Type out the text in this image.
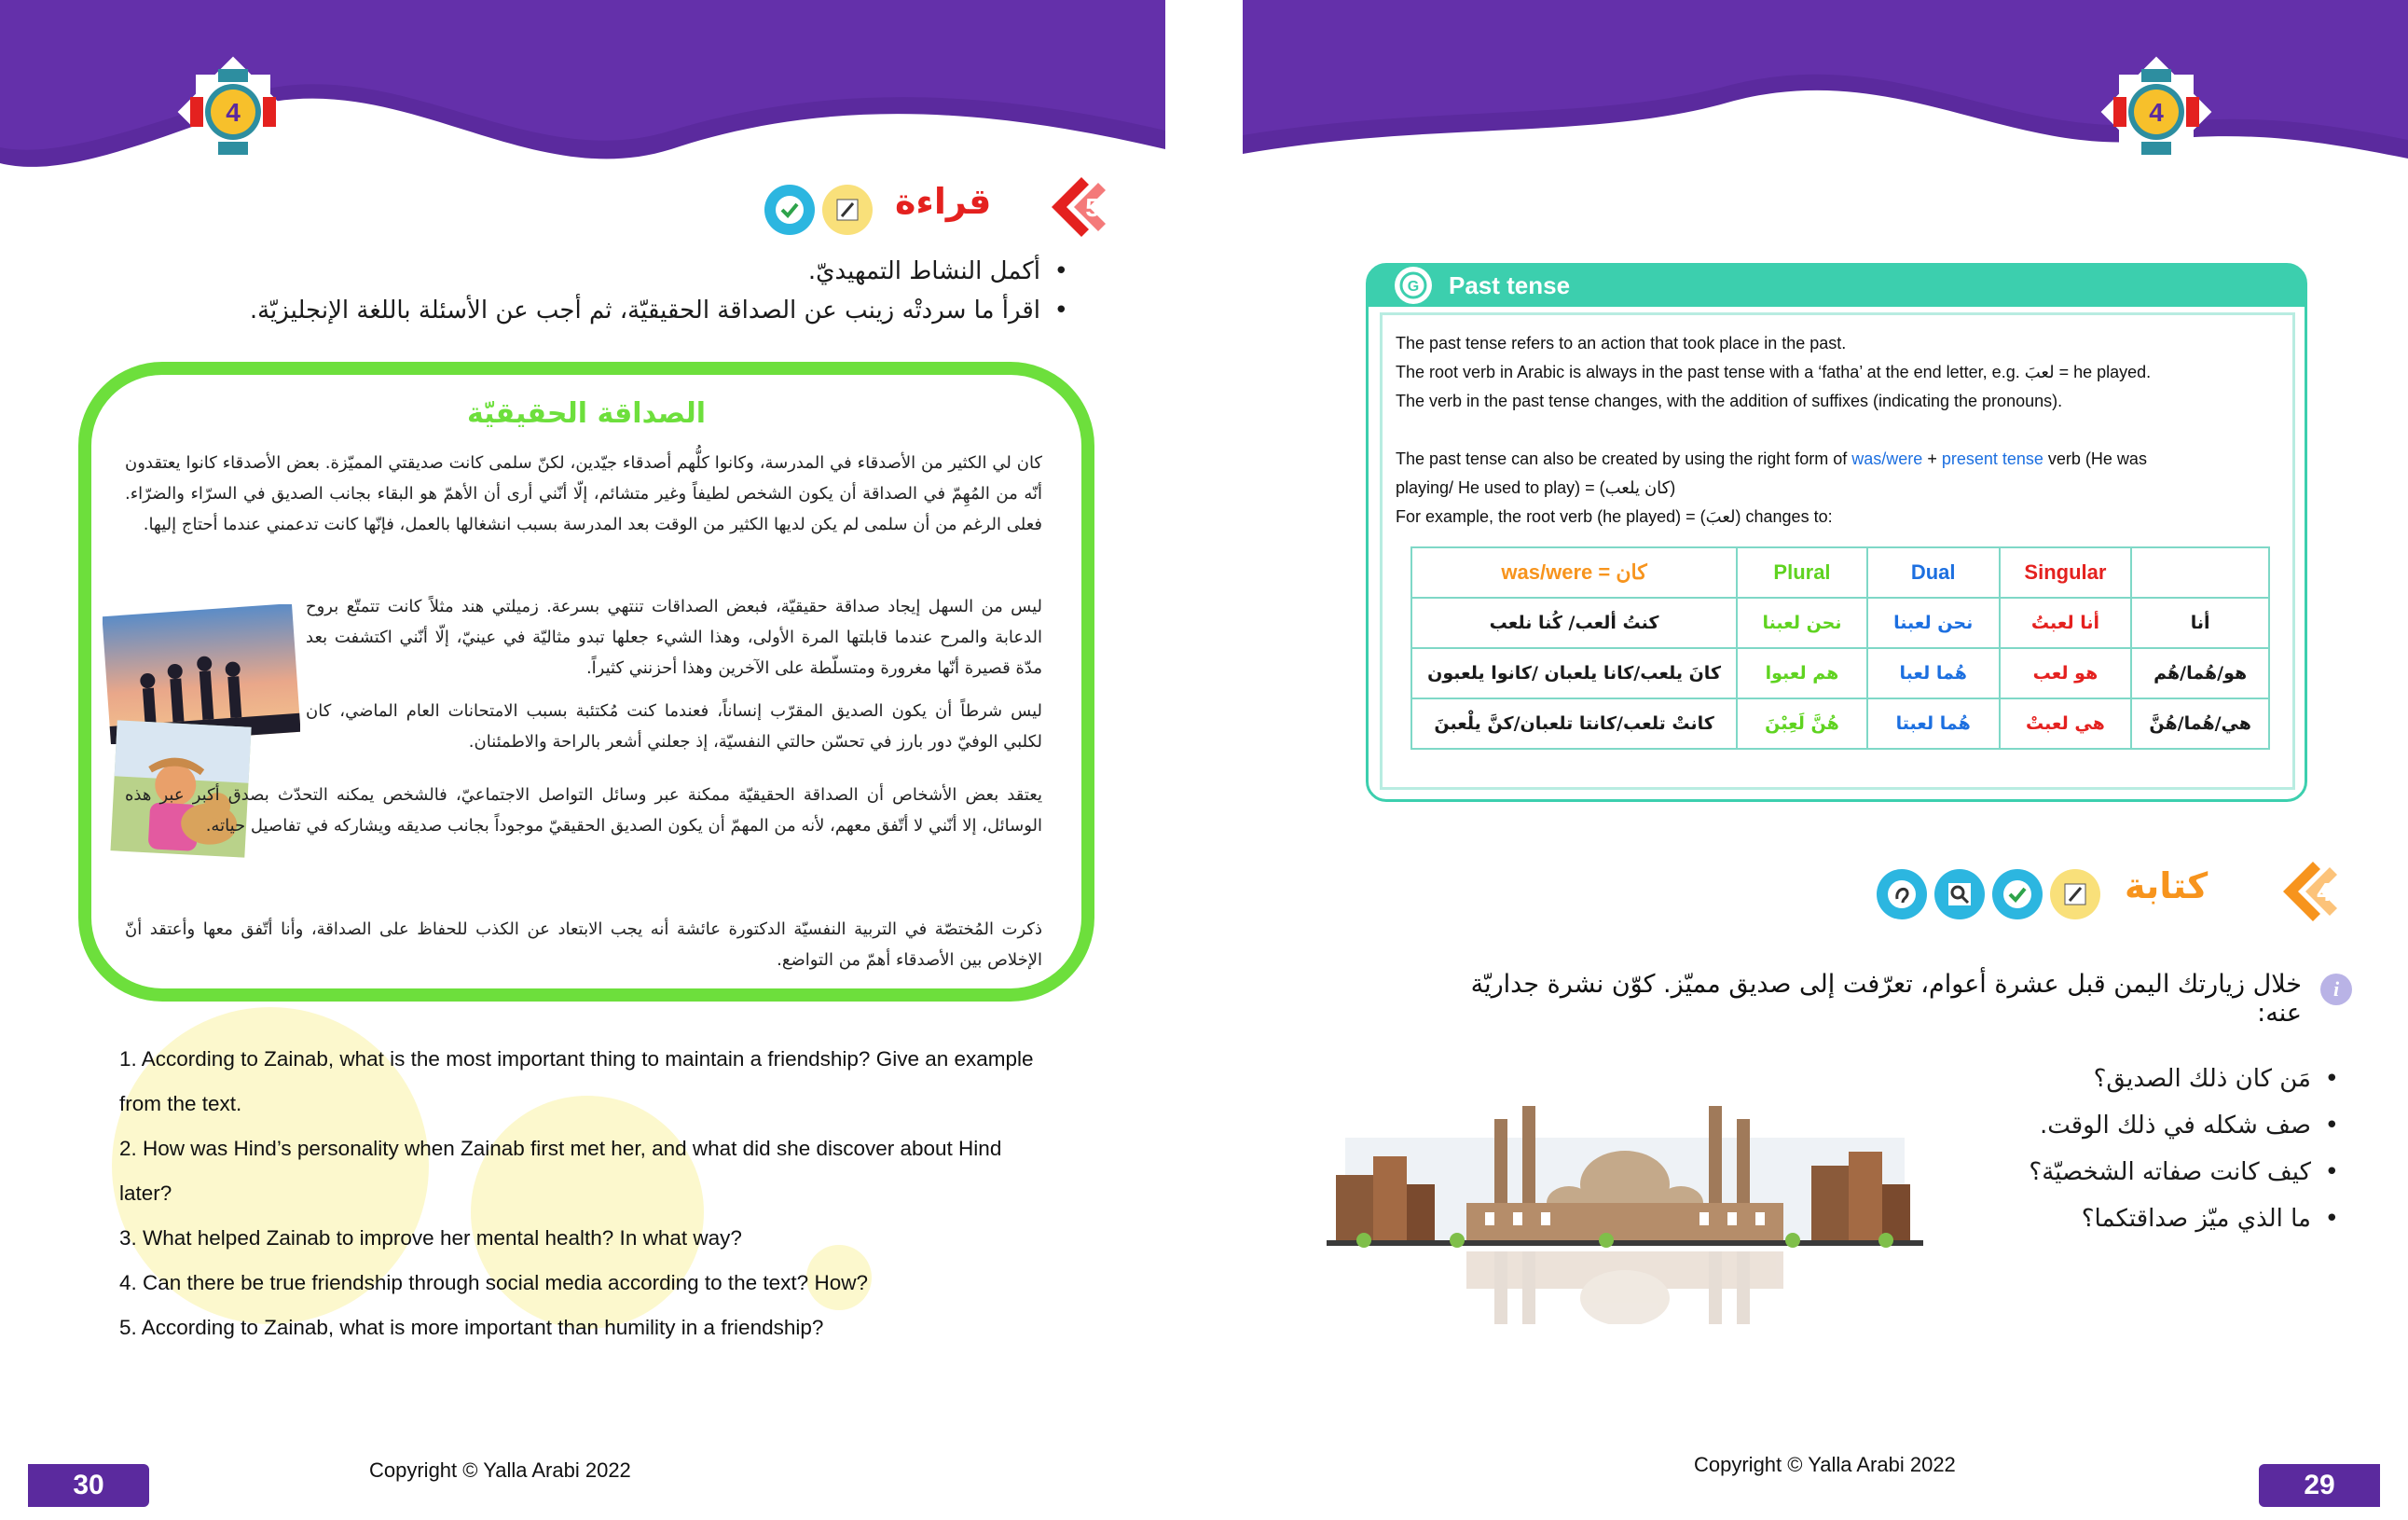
4
قراءة	5
• أكمل النشاط التمهيديّ.
• اقرأ ما سردتْه زينب عن الصداقة الحقيقيّة، ثم أجب عن الأسئلة باللغة الإنجليزيّة.
الصداقة الحقيقيّة
كان لي الكثير من الأصدقاء في المدرسة، وكانوا كلُّهم أصدقاء جيّدين، لكنّ سلمى كانت صديقتي المميّزة. بعض الأصدقاء كانوا يعتقدون أنّه من المُهِمّ في الصداقة أن يكون الشخص لطيفاً وغير متشائم، إلّا أنّني أرى أن الأهمّ هو البقاء بجانب الصديق في السرّاء والضرّاء. فعلى الرغم من أن سلمى لم يكن لديها الكثير من الوقت بعد المدرسة بسبب انشغالها بالعمل، فإنّها كانت تدعمني عندما أحتاج إليها.
ليس من السهل إيجاد صداقة حقيقيّة، فبعض الصداقات تنتهي بسرعة. زميلتي هند مثلاً كانت تتمتّع بروح الدعابة والمرح عندما قابلتها المرة الأولى، وهذا الشيء جعلها تبدو مثاليّة في عينيّ، إلّا أنّني اكتشفت بعد مدّة قصيرة أنّها مغرورة ومتسلّطة على الآخرين وهذا أحزنني كثيراً.
ليس شرطاً أن يكون الصديق المقرّب إنساناً، فعندما كنت مُكتئبة بسبب الامتحانات العام الماضي، كان لكلبي الوفيّ دور بارز في تحسّن حالتي النفسيّة، إذ جعلني أشعر بالراحة والاطمئنان.
يعتقد بعض الأشخاص أن الصداقة الحقيقيّة ممكنة عبر وسائل التواصل الاجتماعيّ، فالشخص يمكنه التحدّث بصدق أكبر عبر هذه الوسائل، إلا أنّني لا أتّفق معهم، لأنه من المهمّ أن يكون الصديق الحقيقيّ موجوداً بجانب صديقه ويشاركه في تفاصيل حياته.
ذكرت المُختصّة في التربية النفسيّة الدكتورة عائشة أنه يجب الابتعاد عن الكذب للحفاظ على الصداقة، وأنا أتّفق معها وأعتقد أنّ الإخلاص بين الأصدقاء أهمّ من التواضع.
1. According to Zainab, what is the most important thing to maintain a friendship? Give an example from the text.
2. How was Hind’s personality when Zainab first met her, and what did she discover about Hind later?
3. What helped Zainab to improve her mental health? In what way?
4. Can there be true friendship through social media according to the text? How?
5. According to Zainab, what is more important than humility in a friendship?
Copyright © Yalla Arabi 2022
30
4
G Past tense
The past tense refers to an action that took place in the past.
The root verb in Arabic is always in the past tense with a ‘fatha’ at the end letter, e.g. لعبَ = he played.
The verb in the past tense changes, with the addition of suffixes (indicating the pronouns).
The past tense can also be created by using the right form of was/were + present tense verb (He was
playing/ He used to play) = (كان يلعب)
For example, the root verb (he played) = (لعبَ) changes to:
was/were = كان	Plural	Dual	Singular	
كنتُ ألعب/ كُنا نلعب	نحن لعبنا	نحن لعبنا	أنا لعبتُ	أنا
كانَ يلعب/كانا يلعبان /كانوا يلعبون	هم لعبوا	هُما لعبا	هو لعب	هو/هُما/هُم
كانتْ تلعب/كانتا تلعبان/كنَّ يلْعبنَ	هُنَّ لَعِبْنَ	هُما لعبتا	هي لعبتْ	هي/هُما/هُنَّ
كتابة	4
i
خلال زيارتك اليمن قبل عشرة أعوام، تعرّفت إلى صديق مميّز. كوّن نشرة جداريّة عنه:
• مَن كان ذلك الصديق؟
• صف شكله في ذلك الوقت.
• كيف كانت صفاته الشخصيّة؟
• ما الذي ميّز صداقتكما؟
Copyright © Yalla Arabi 2022
29
